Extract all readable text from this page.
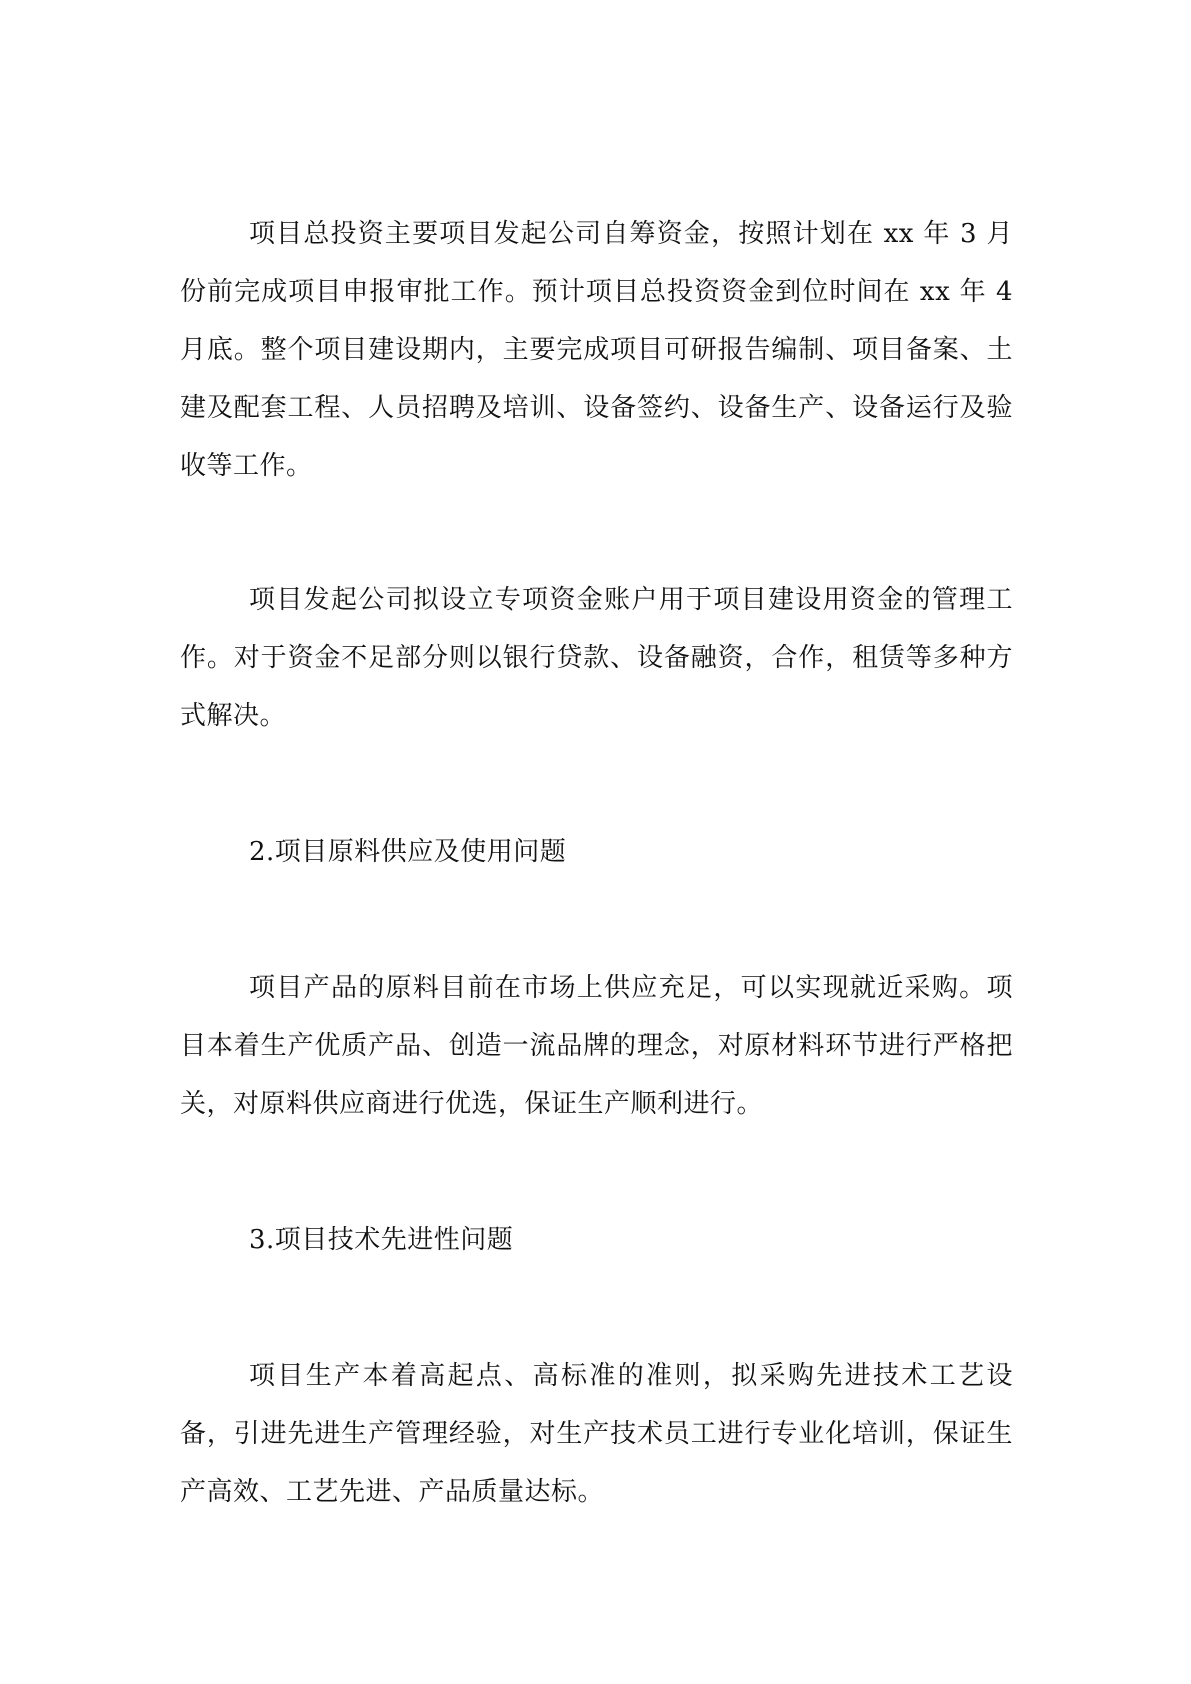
项目总投资主要项目发起公司自筹资金，按照计划在 xx 年 3 月份前完成项目申报审批工作。预计项目总投资资金到位时间在 xx 年 4 月底。整个项目建设期内，主要完成项目可研报告编制、项目备案、土建及配套工程、人员招聘及培训、设备签约、设备生产、设备运行及验收等工作。

项目发起公司拟设立专项资金账户用于项目建设用资金的管理工作。对于资金不足部分则以银行贷款、设备融资，合作，租赁等多种方式解决。

2.项目原料供应及使用问题

项目产品的原料目前在市场上供应充足，可以实现就近采购。项目本着生产优质产品、创造一流品牌的理念，对原材料环节进行严格把关，对原料供应商进行优选，保证生产顺利进行。

3.项目技术先进性问题

项目生产本着高起点、高标准的准则，拟采购先进技术工艺设备，引进先进生产管理经验，对生产技术员工进行专业化培训，保证生产高效、工艺先进、产品质量达标。
